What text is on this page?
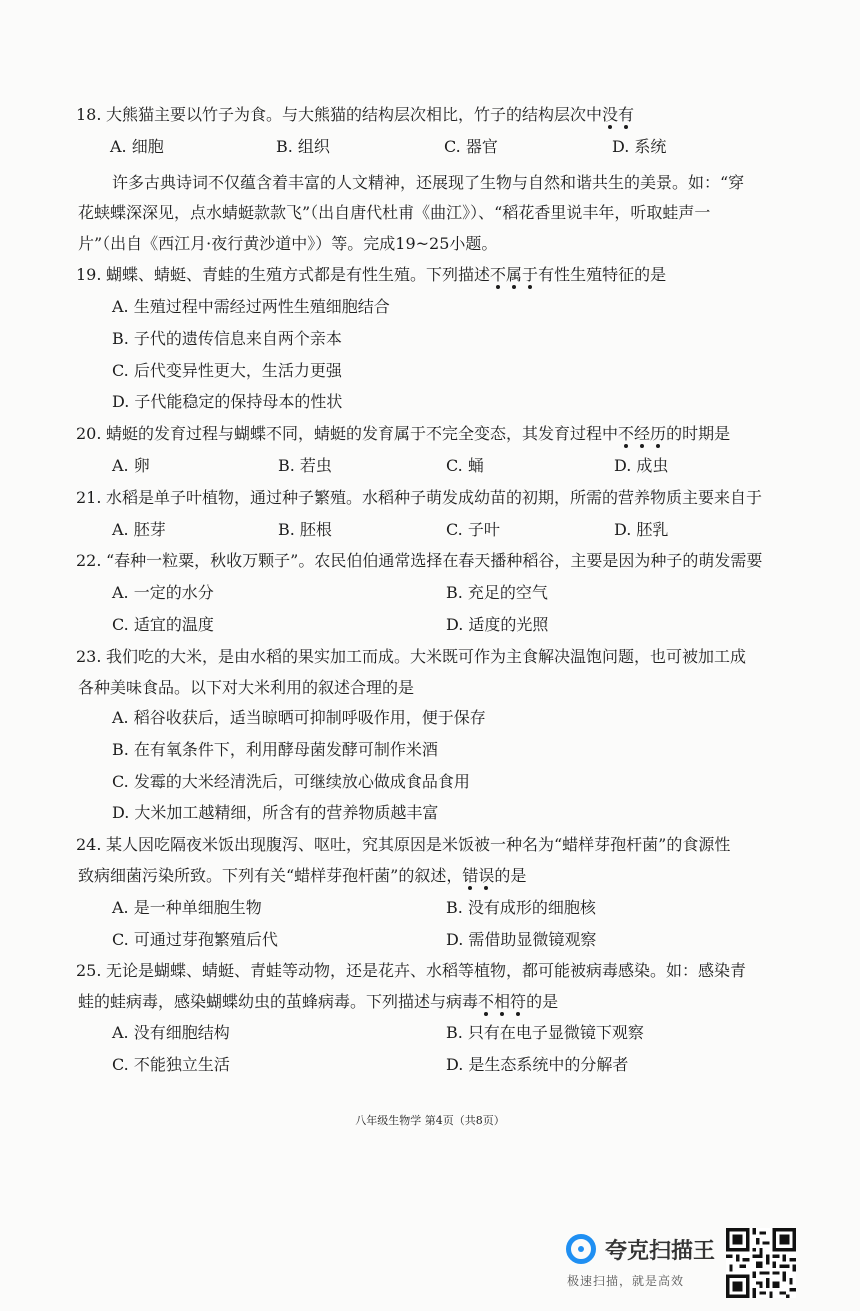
18. 大熊猫主要以竹子为食。与大熊猫的结构层次相比，竹子的结构层次中没有
A. 细胞	B. 组织	C. 器官	D. 系统
许多古典诗词不仅蕴含着丰富的人文精神，还展现了生物与自然和谐共生的美景。如：“穿
花蛱蝶深深见，点水蜻蜓款款飞”（出自唐代杜甫《曲江》）、“稻花香里说丰年，听取蛙声一
片”（出自《西江月·夜行黄沙道中》）等。完成19~25小题。
19. 蝴蝶、蜻蜓、青蛙的生殖方式都是有性生殖。下列描述不属于有性生殖特征的是
A. 生殖过程中需经过两性生殖细胞结合
B. 子代的遗传信息来自两个亲本
C. 后代变异性更大，生活力更强
D. 子代能稳定的保持母本的性状
20. 蜻蜓的发育过程与蝴蝶不同，蜻蜓的发育属于不完全变态，其发育过程中不经历的时期是
A. 卵	B. 若虫	C. 蛹	D. 成虫
21. 水稻是单子叶植物，通过种子繁殖。水稻种子萌发成幼苗的初期，所需的营养物质主要来自于
A. 胚芽	B. 胚根	C. 子叶	D. 胚乳
22. “春种一粒粟，秋收万颗子”。农民伯伯通常选择在春天播种稻谷，主要是因为种子的萌发需要
A. 一定的水分	B. 充足的空气
C. 适宜的温度	D. 适度的光照
23. 我们吃的大米，是由水稻的果实加工而成。大米既可作为主食解决温饱问题，也可被加工成
各种美味食品。以下对大米利用的叙述合理的是
A. 稻谷收获后，适当晾晒可抑制呼吸作用，便于保存
B. 在有氧条件下，利用酵母菌发酵可制作米酒
C. 发霉的大米经清洗后，可继续放心做成食品食用
D. 大米加工越精细，所含有的营养物质越丰富
24. 某人因吃隔夜米饭出现腹泻、呕吐，究其原因是米饭被一种名为“蜡样芽孢杆菌”的食源性
致病细菌污染所致。下列有关“蜡样芽孢杆菌”的叙述，错误的是
A. 是一种单细胞生物	B. 没有成形的细胞核
C. 可通过芽孢繁殖后代	D. 需借助显微镜观察
25. 无论是蝴蝶、蜻蜓、青蛙等动物，还是花卉、水稻等植物，都可能被病毒感染。如：感染青
蛙的蛙病毒，感染蝴蝶幼虫的茧蜂病毒。下列描述与病毒不相符的是
A. 没有细胞结构	B. 只有在电子显微镜下观察
C. 不能独立生活	D. 是生态系统中的分解者
八年级生物学 第4页（共8页）
夸克扫描王
极速扫描，就是高效
